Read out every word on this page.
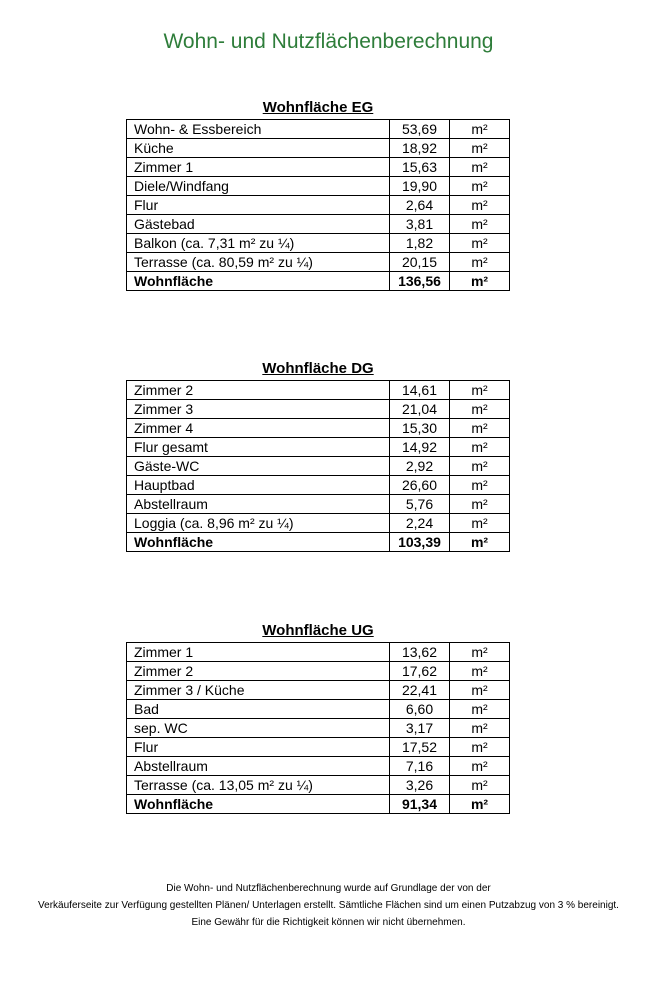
Wohn- und Nutzflächenberechnung
Wohnfläche EG
Wohn- & Essbereich	53,69	m²
Küche	18,92	m²
Zimmer 1	15,63	m²
Diele/Windfang	19,90	m²
Flur	2,64	m²
Gästebad	3,81	m²
Balkon (ca. 7,31 m² zu ¼)	1,82	m²
Terrasse (ca. 80,59 m² zu ¼)	20,15	m²
Wohnfläche	136,56	m²
Wohnfläche DG
Zimmer 2	14,61	m²
Zimmer 3	21,04	m²
Zimmer 4	15,30	m²
Flur gesamt	14,92	m²
Gäste-WC	2,92	m²
Hauptbad	26,60	m²
Abstellraum	5,76	m²
Loggia (ca. 8,96 m² zu ¼)	2,24	m²
Wohnfläche	103,39	m²
Wohnfläche UG
Zimmer 1	13,62	m²
Zimmer 2	17,62	m²
Zimmer 3 / Küche	22,41	m²
Bad	6,60	m²
sep. WC	3,17	m²
Flur	17,52	m²
Abstellraum	7,16	m²
Terrasse (ca. 13,05 m² zu ¼)	3,26	m²
Wohnfläche	91,34	m²
Die Wohn- und Nutzflächenberechnung wurde auf Grundlage der von der
Verkäuferseite zur Verfügung gestellten Plänen/ Unterlagen erstellt. Sämtliche Flächen sind um einen Putzabzug von 3 % bereinigt.
Eine Gewähr für die Richtigkeit können wir nicht übernehmen.
